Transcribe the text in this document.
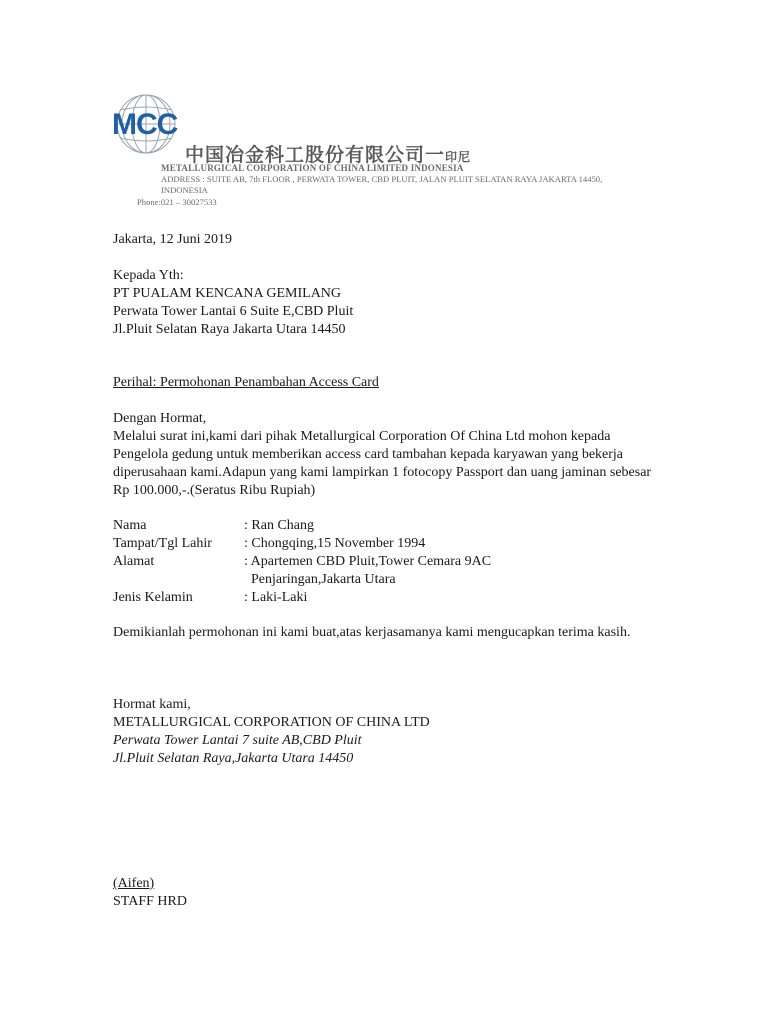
MCC
中国冶金科工股份有限公司一印尼
METALLURGICAL CORPORATION OF CHINA LIMITED INDONESIA
ADDRESS : SUITE AB, 7th FLOOR , PERWATA TOWER, CBD PLUIT, JALAN PLUIT SELATAN RAYA JAKARTA 14450, INDONESIA
Phone:021 – 30027533
Jakarta, 12 Juni 2019
Kepada Yth:
PT PUALAM KENCANA GEMILANG
Perwata Tower Lantai 6 Suite E,CBD Pluit
Jl.Pluit Selatan Raya Jakarta Utara 14450
Perihal: Permohonan Penambahan Access Card
Dengan Hormat,
Melalui surat ini,kami dari pihak Metallurgical Corporation Of China Ltd mohon kepada Pengelola gedung untuk memberikan access card tambahan kepada karyawan yang bekerja diperusahaan kami.Adapun yang kami lampirkan 1 fotocopy Passport dan uang jaminan sebesar Rp 100.000,-.(Seratus Ribu Rupiah)
Nama	: Ran Chang
Tampat/Tgl Lahir : Chongqing,15 November 1994
Alamat	: Apartemen CBD Pluit,Tower Cemara 9AC
Penjaringan,Jakarta Utara
Jenis Kelamin	: Laki-Laki
Demikianlah permohonan ini kami buat,atas kerjasamanya kami mengucapkan terima kasih.
Hormat kami,
METALLURGICAL CORPORATION OF CHINA LTD
Perwata Tower Lantai 7 suite AB,CBD Pluit
Jl.Pluit Selatan Raya,Jakarta Utara 14450
(Aifen)
STAFF HRD
